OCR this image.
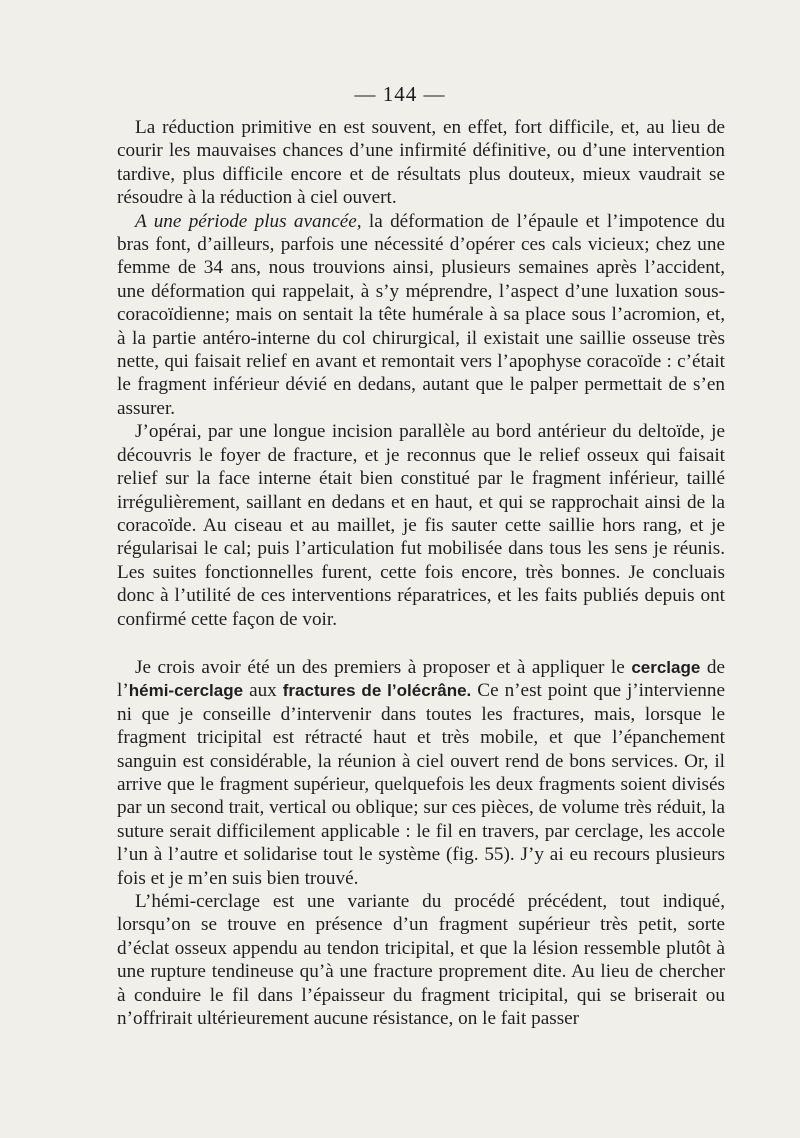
— 144 —

La réduction primitive en est souvent, en effet, fort difficile, et, au lieu de courir les mauvaises chances d’une infirmité définitive, ou d’une intervention tardive, plus difficile encore et de résultats plus douteux, mieux vaudrait se résoudre à la réduction à ciel ouvert.

A une période plus avancée, la déformation de l’épaule et l’impotence du bras font, d’ailleurs, parfois une nécessité d’opérer ces cals vicieux; chez une femme de 34 ans, nous trouvions ainsi, plusieurs semaines après l’accident, une déformation qui rappelait, à s’y méprendre, l’aspect d’une luxation sous-coracoïdienne; mais on sentait la tête humérale à sa place sous l’acromion, et, à la partie antéro-interne du col chirurgical, il existait une saillie osseuse très nette, qui faisait relief en avant et remontait vers l’apophyse coracoïde : c’était le fragment inférieur dévié en dedans, autant que le palper permettait de s’en assurer.

J’opérai, par une longue incision parallèle au bord antérieur du deltoïde, je découvris le foyer de fracture, et je reconnus que le relief osseux qui faisait relief sur la face interne était bien constitué par le fragment inférieur, taillé irrégulièrement, saillant en dedans et en haut, et qui se rapprochait ainsi de la coracoïde. Au ciseau et au maillet, je fis sauter cette saillie hors rang, et je régularisai le cal; puis l’articulation fut mobilisée dans tous les sens je réunis. Les suites fonctionnelles furent, cette fois encore, très bonnes. Je concluais donc à l’utilité de ces interventions réparatrices, et les faits publiés depuis ont confirmé cette façon de voir.

Je crois avoir été un des premiers à proposer et à appliquer le cerclage de l’hémi-cerclage aux fractures de l’olécrâne. Ce n’est point que j’intervienne ni que je conseille d’intervenir dans toutes les fractures, mais, lorsque le fragment tricipital est rétracté haut et très mobile, et que l’épanchement sanguin est considérable, la réunion à ciel ouvert rend de bons services. Or, il arrive que le fragment supérieur, quelquefois les deux fragments soient divisés par un second trait, vertical ou oblique; sur ces pièces, de volume très réduit, la suture serait difficilement applicable : le fil en travers, par cerclage, les accole l’un à l’autre et solidarise tout le système (fig. 55). J’y ai eu recours plusieurs fois et je m’en suis bien trouvé.

L’hémi-cerclage est une variante du procédé précédent, tout indiqué, lorsqu’on se trouve en présence d’un fragment supérieur très petit, sorte d’éclat osseux appendu au tendon tricipital, et que la lésion ressemble plutôt à une rupture tendineuse qu’à une fracture proprement dite. Au lieu de chercher à conduire le fil dans l’épaisseur du fragment tricipital, qui se briserait ou n’offrirait ultérieurement aucune résistance, on le fait passer
